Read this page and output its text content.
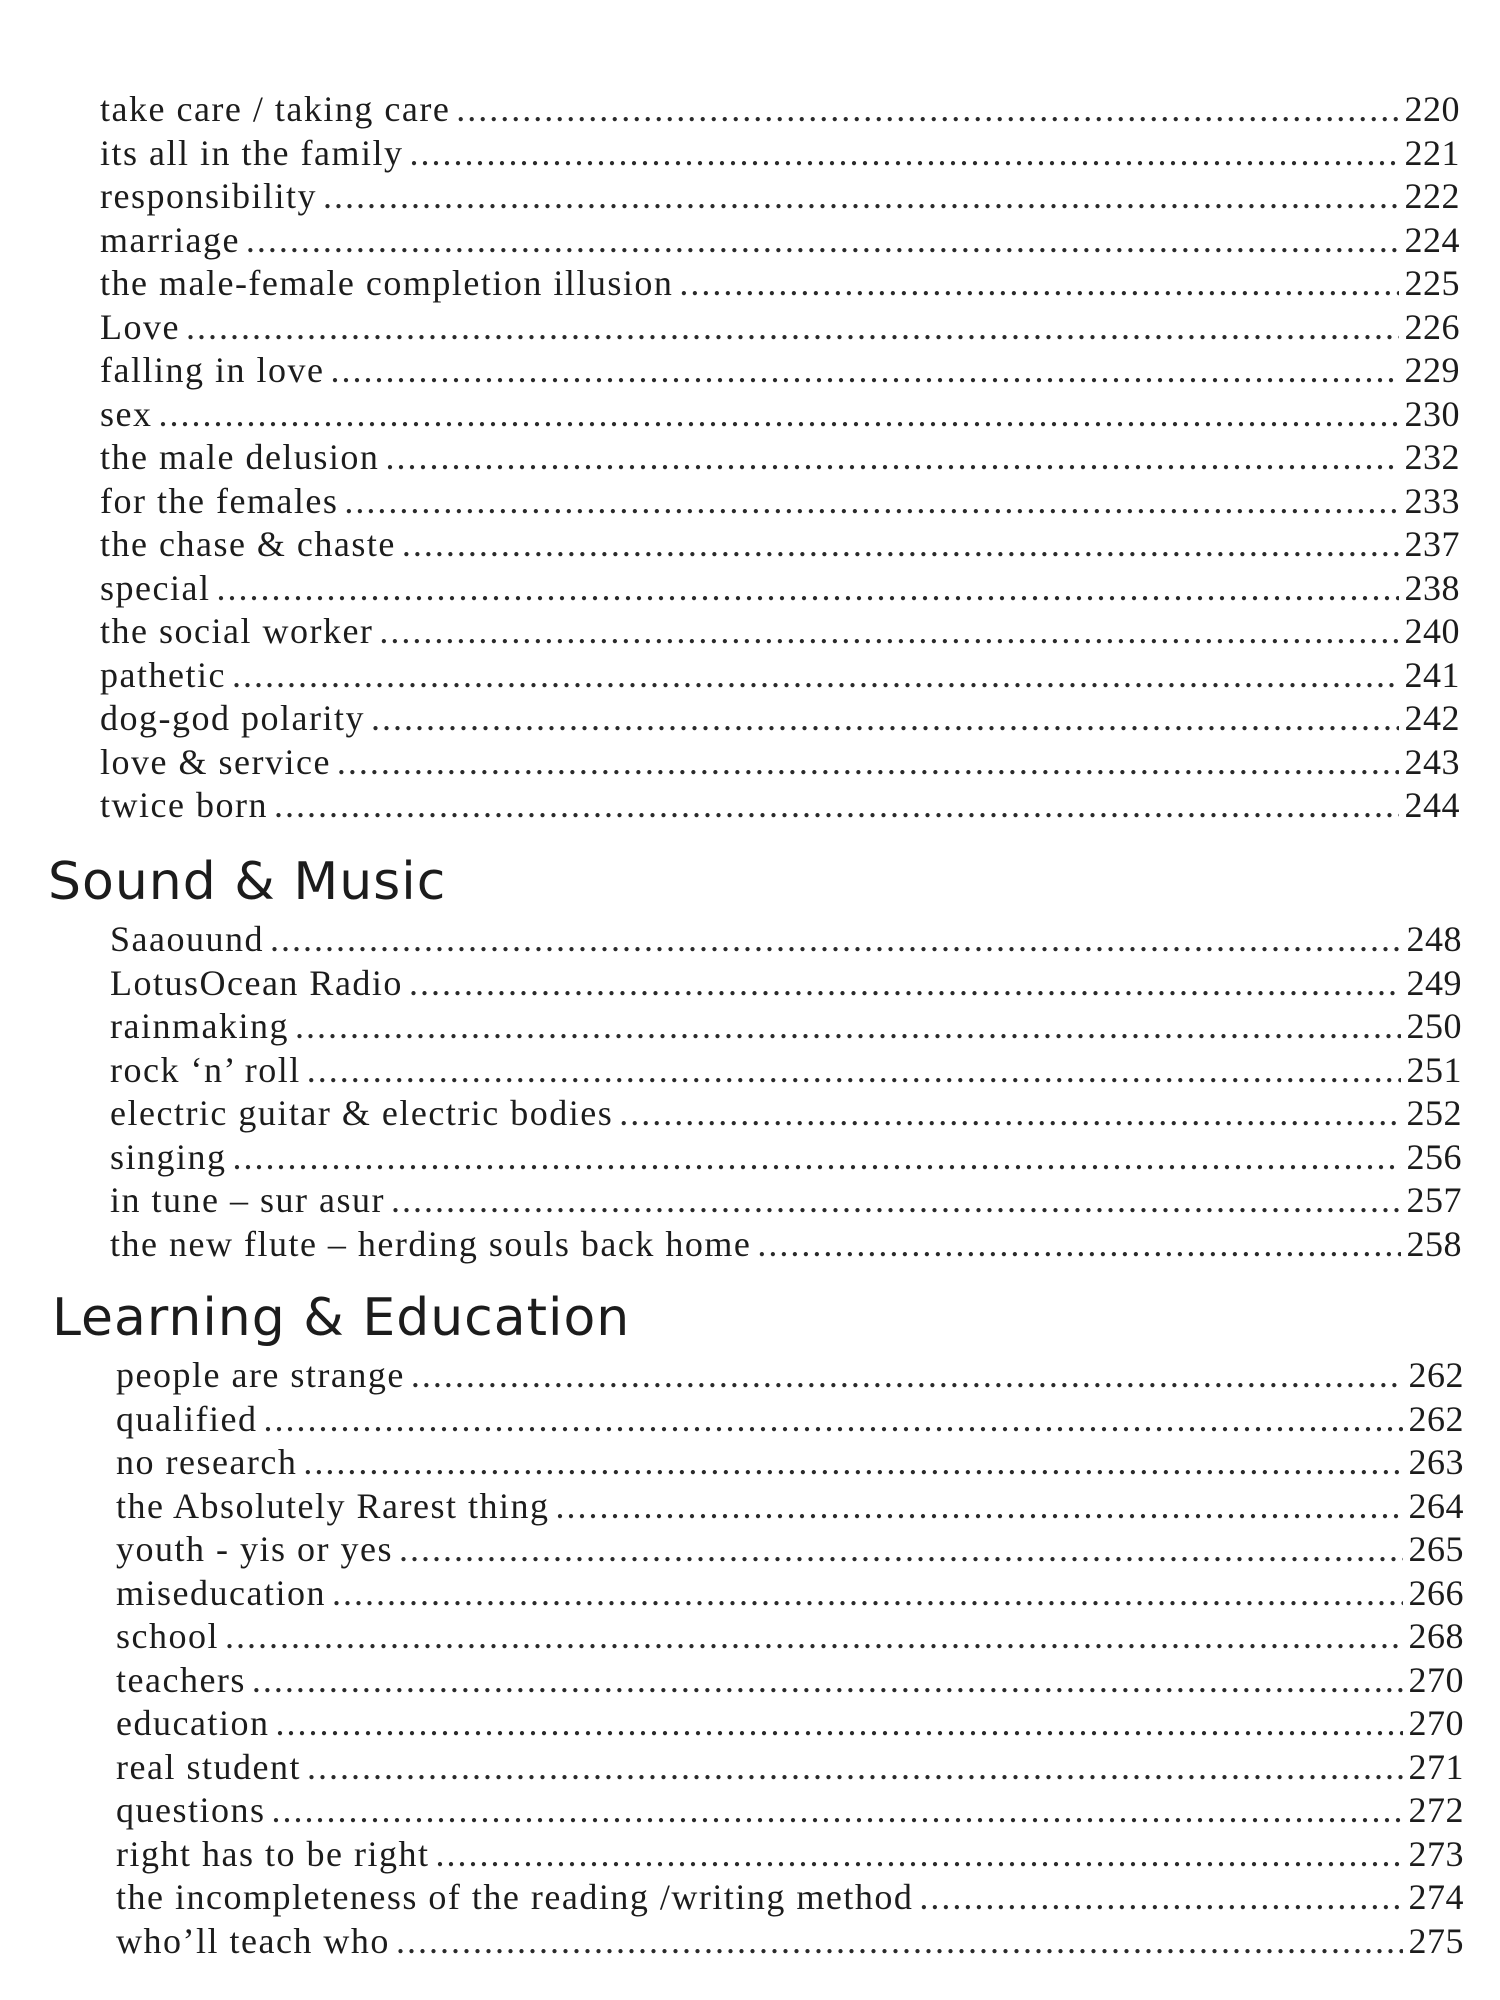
take care / taking care .....	220
its all in the family .....	221
responsibility .....	222
marriage .....	224
the male-female completion illusion .....	225
Love .....	226
falling in love .....	229
sex .....	230
the male delusion .....	232
for the females .....	233
the chase & chaste .....	237
special .....	238
the social worker .....	240
pathetic .....	241
dog-god polarity .....	242
love & service .....	243
twice born .....	244
Sound & Music
Saaouund .....	248
LotusOcean Radio .....	249
rainmaking .....	250
rock ‘n’ roll .....	251
electric guitar & electric bodies .....	252
singing .....	256
in tune – sur asur .....	257
the new flute – herding souls back home .....	258
Learning & Education
people are strange .....	262
qualified .....	262
no research .....	263
the Absolutely Rarest thing .....	264
youth - yis or yes .....	265
miseducation .....	266
school .....	268
teachers .....	270
education .....	270
real student .....	271
questions .....	272
right has to be right .....	273
the incompleteness of the reading /writing method .....	274
who’ll teach who .....	275
